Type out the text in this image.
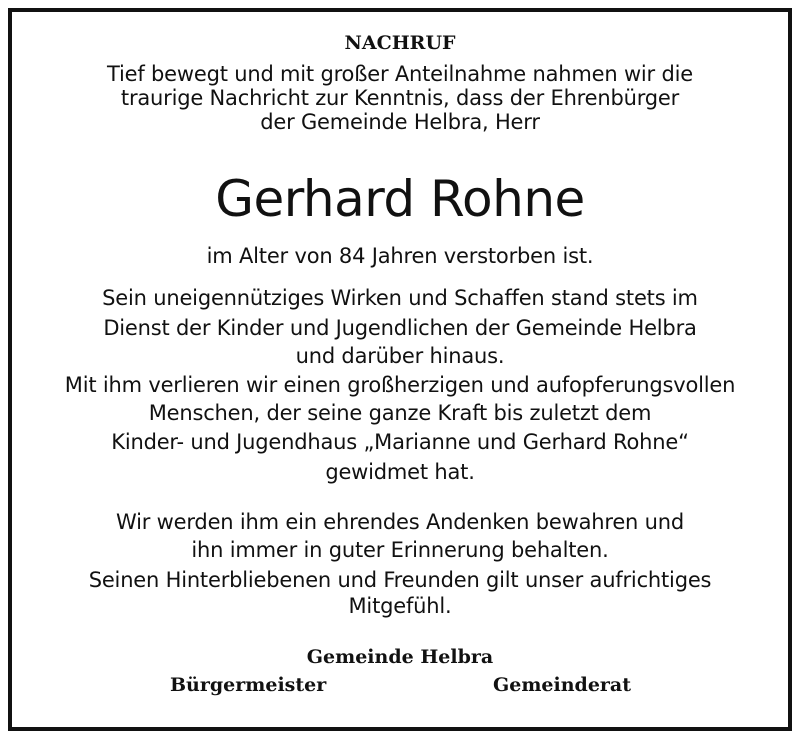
NACHRUF
Tief bewegt und mit großer Anteilnahme nahmen wir die
traurige Nachricht zur Kenntnis, dass der Ehrenbürger
der Gemeinde Helbra, Herr
Gerhard Rohne
im Alter von 84 Jahren verstorben ist.
Sein uneigennütziges Wirken und Schaffen stand stets im
Dienst der Kinder und Jugendlichen der Gemeinde Helbra
und darüber hinaus.
Mit ihm verlieren wir einen großherzigen und aufopferungsvollen
Menschen, der seine ganze Kraft bis zuletzt dem
Kinder- und Jugendhaus „Marianne und Gerhard Rohne“
gewidmet hat.
Wir werden ihm ein ehrendes Andenken bewahren und
ihn immer in guter Erinnerung behalten.
Seinen Hinterbliebenen und Freunden gilt unser aufrichtiges
Mitgefühl.
Gemeinde Helbra
Bürgermeister	Gemeinderat
